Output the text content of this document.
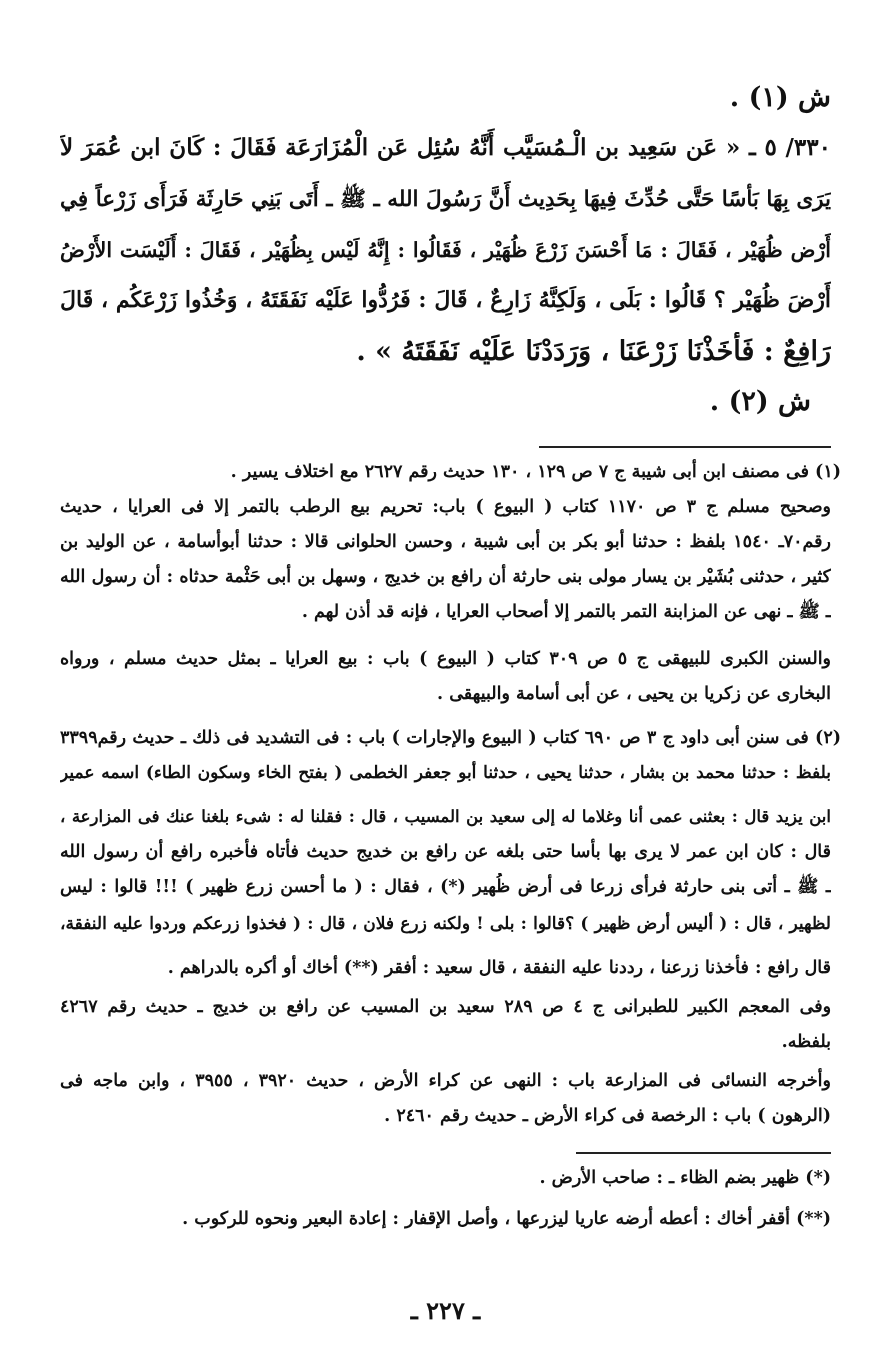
ش (١) .
٣٣٠/ ٥ ـ « عَن سَعِيد بن الْـمُسَيَّب أَنَّهُ سُئِل عَن الْمُزَارَعَة فَقَالَ : كَانَ ابن عُمَرَ لاَ
يَرَى بِهَا بَأسًا حَتَّى حُدِّثَ فِيهَا بِحَدِيث أَنَّ رَسُولَ الله ـ ﷺ ـ أَتَى بَنِي حَارِثَة فَرَأَى زَرْعاً فِي
أَرْض ظُهَيْر ، فَقَالَ : مَا أَحْسَنَ زَرْعَ ظُهَيْر ، فَقَالُوا : إِنَّهُ لَيْس بِظُهَيْر ، فَقَالَ : أَلَيْسَت الأَرْضُ
أَرْضَ ظُهَيْر ؟ قَالُوا : بَلَى ، وَلَكِنَّهُ زَارِعٌ ، قَالَ : فَرُدُّوا عَلَيْه نَفَقَتَهُ ، وَخُذُوا زَرْعَكُم ، قَالَ
رَافِعٌ : فَأَخَذْنَا زَرْعَنَا ، وَرَدَدْنَا عَلَيْه نَفَقَتَهُ » .
ش (٢) .
(١) فى مصنف ابن أبى شيبة ج ٧ ص ١٢٩ ، ١٣٠ حديث رقم ٢٦٢٧ مع اختلاف يسير .
وصحيح مسلم ج ٣ ص ١١٧٠ كتاب ( البيوع ) باب: تحريم بيع الرطب بالتمر إلا فى العرايا ، حديث
رقم٧٠ـ ١٥٤٠ بلفظ : حدثنا أبو بكر بن أبى شيبة ، وحسن الحلوانى قالا : حدثنا أبوأسامة ، عن الوليد بن
كثير ، حدثنى بُشَيْر بن يسار مولى بنى حارثة أن رافع بن خديج ، وسهل بن أبى حَثْمة حدثاه : أن رسول الله
ـ ﷺ ـ نهى عن المزابنة التمر بالتمر إلا أصحاب العرايا ، فإنه قد أذن لهم .
والسنن الكبرى للبيهقى ج ٥ ص ٣٠٩ كتاب ( البيوع ) باب : بيع العرايا ـ بمثل حديث مسلم ، ورواه
البخارى عن زكريا بن يحيى ، عن أبى أسامة والبيهقى .
(٢) فى سنن أبى داود ج ٣ ص ٦٩٠ كتاب ( البيوع والإجارات ) باب : فى التشديد فى ذلك ـ حديث رقم٣٣٩٩
بلفظ : حدثنا محمد بن بشار ، حدثنا يحيى ، حدثنا أبو جعفر الخطمى ( بفتح الخاء وسكون الطاء) اسمه عمير
ابن يزيد قال : بعثنى عمى أنا وغلاما له إلى سعيد بن المسيب ، قال : فقلنا له : شىء بلغنا عنك فى المزارعة ،
قال : كان ابن عمر لا يرى بها بأسا حتى بلغه عن رافع بن خديج حديث فأتاه فأخبره رافع أن رسول الله
ـ ﷺ ـ أتى بنى حارثة فرأى زرعا فى أرض ظُهير (*) ، فقال : ( ما أحسن زرع ظهير ) !!! قالوا : ليس
لظهير ، قال : ( أليس أرض ظهير ) ؟قالوا : بلى ! ولكنه زرع فلان ، قال : ( فخذوا زرعكم وردوا عليه النفقة،
قال رافع : فأخذنا زرعنا ، رددنا عليه النفقة ، قال سعيد : أفقر (**) أخاك أو أكره بالدراهم .
وفى المعجم الكبير للطبرانى ج ٤ ص ٢٨٩ سعيد بن المسيب عن رافع بن خديج ـ حديث رقم ٤٢٦٧
بلفظه.
وأخرجه النسائى فى المزارعة باب : النهى عن كراء الأرض ، حديث ٣٩٢٠ ، ٣٩٥٥ ، وابن ماجه فى
(الرهون ) باب : الرخصة فى كراء الأرض ـ حديث رقم ٢٤٦٠ .
(*) ظهير بضم الظاء ـ : صاحب الأرض .
(**) أقفر أخاك : أعطه أرضه عاريا ليزرعها ، وأصل الإقفار : إعادة البعير ونحوه للركوب .
ـ ٢٢٧ ـ
